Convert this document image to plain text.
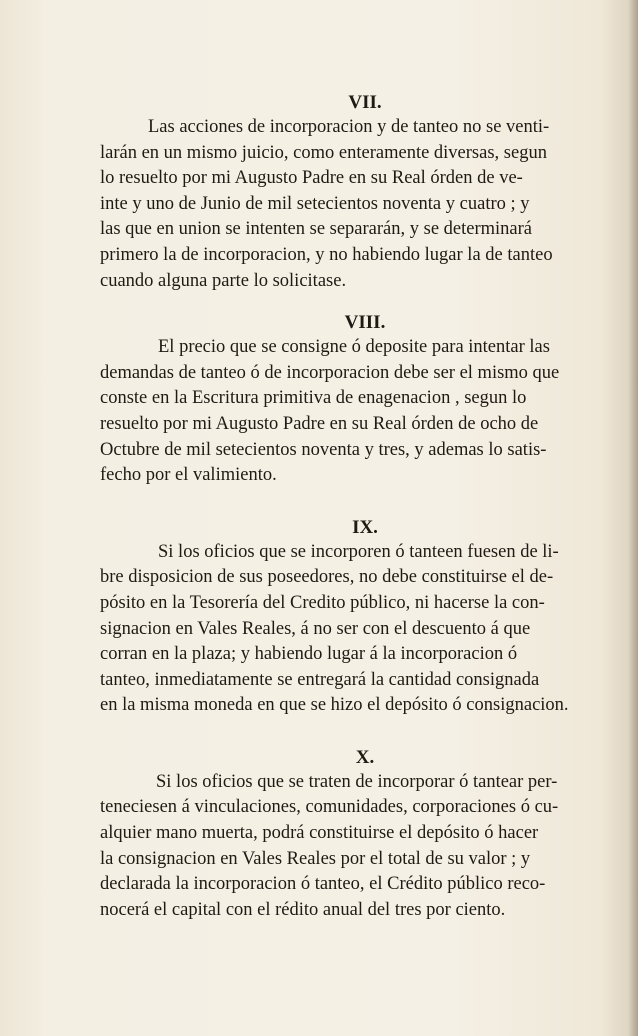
VII.
Las acciones de incorporacion y de tanteo no se venti-
larán en un mismo juicio, como enteramente diversas, segun
lo resuelto por mi Augusto Padre en su Real órden de ve-
inte y uno de Junio de mil setecientos noventa y cuatro ; y
las que en union se intenten se separarán, y se determinará
primero la de incorporacion, y no habiendo lugar la de tanteo
cuando alguna parte lo solicitase.
VIII.
El precio que se consigne ó deposite para intentar las
demandas de tanteo ó de incorporacion debe ser el mismo que
conste en la Escritura primitiva de enagenacion , segun lo
resuelto por mi Augusto Padre en su Real órden de ocho de
Octubre de mil setecientos noventa y tres, y ademas lo satis-
fecho por el valimiento.
IX.
Si los oficios que se incorporen ó tanteen fuesen de li-
bre disposicion de sus poseedores, no debe constituirse el de-
pósito en la Tesorería del Credito público, ni hacerse la con-
signacion en Vales Reales, á no ser con el descuento á que
corran en la plaza; y habiendo lugar á la incorporacion ó
tanteo, inmediatamente se entregará la cantidad consignada
en la misma moneda en que se hizo el depósito ó consignacion.
X.
Si los oficios que se traten de incorporar ó tantear per-
teneciesen á vinculaciones, comunidades, corporaciones ó cu-
alquier mano muerta, podrá constituirse el depósito ó hacer
la consignacion en Vales Reales por el total de su valor ; y
declarada la incorporacion ó tanteo, el Crédito público reco-
nocerá el capital con el rédito anual del tres por ciento.
